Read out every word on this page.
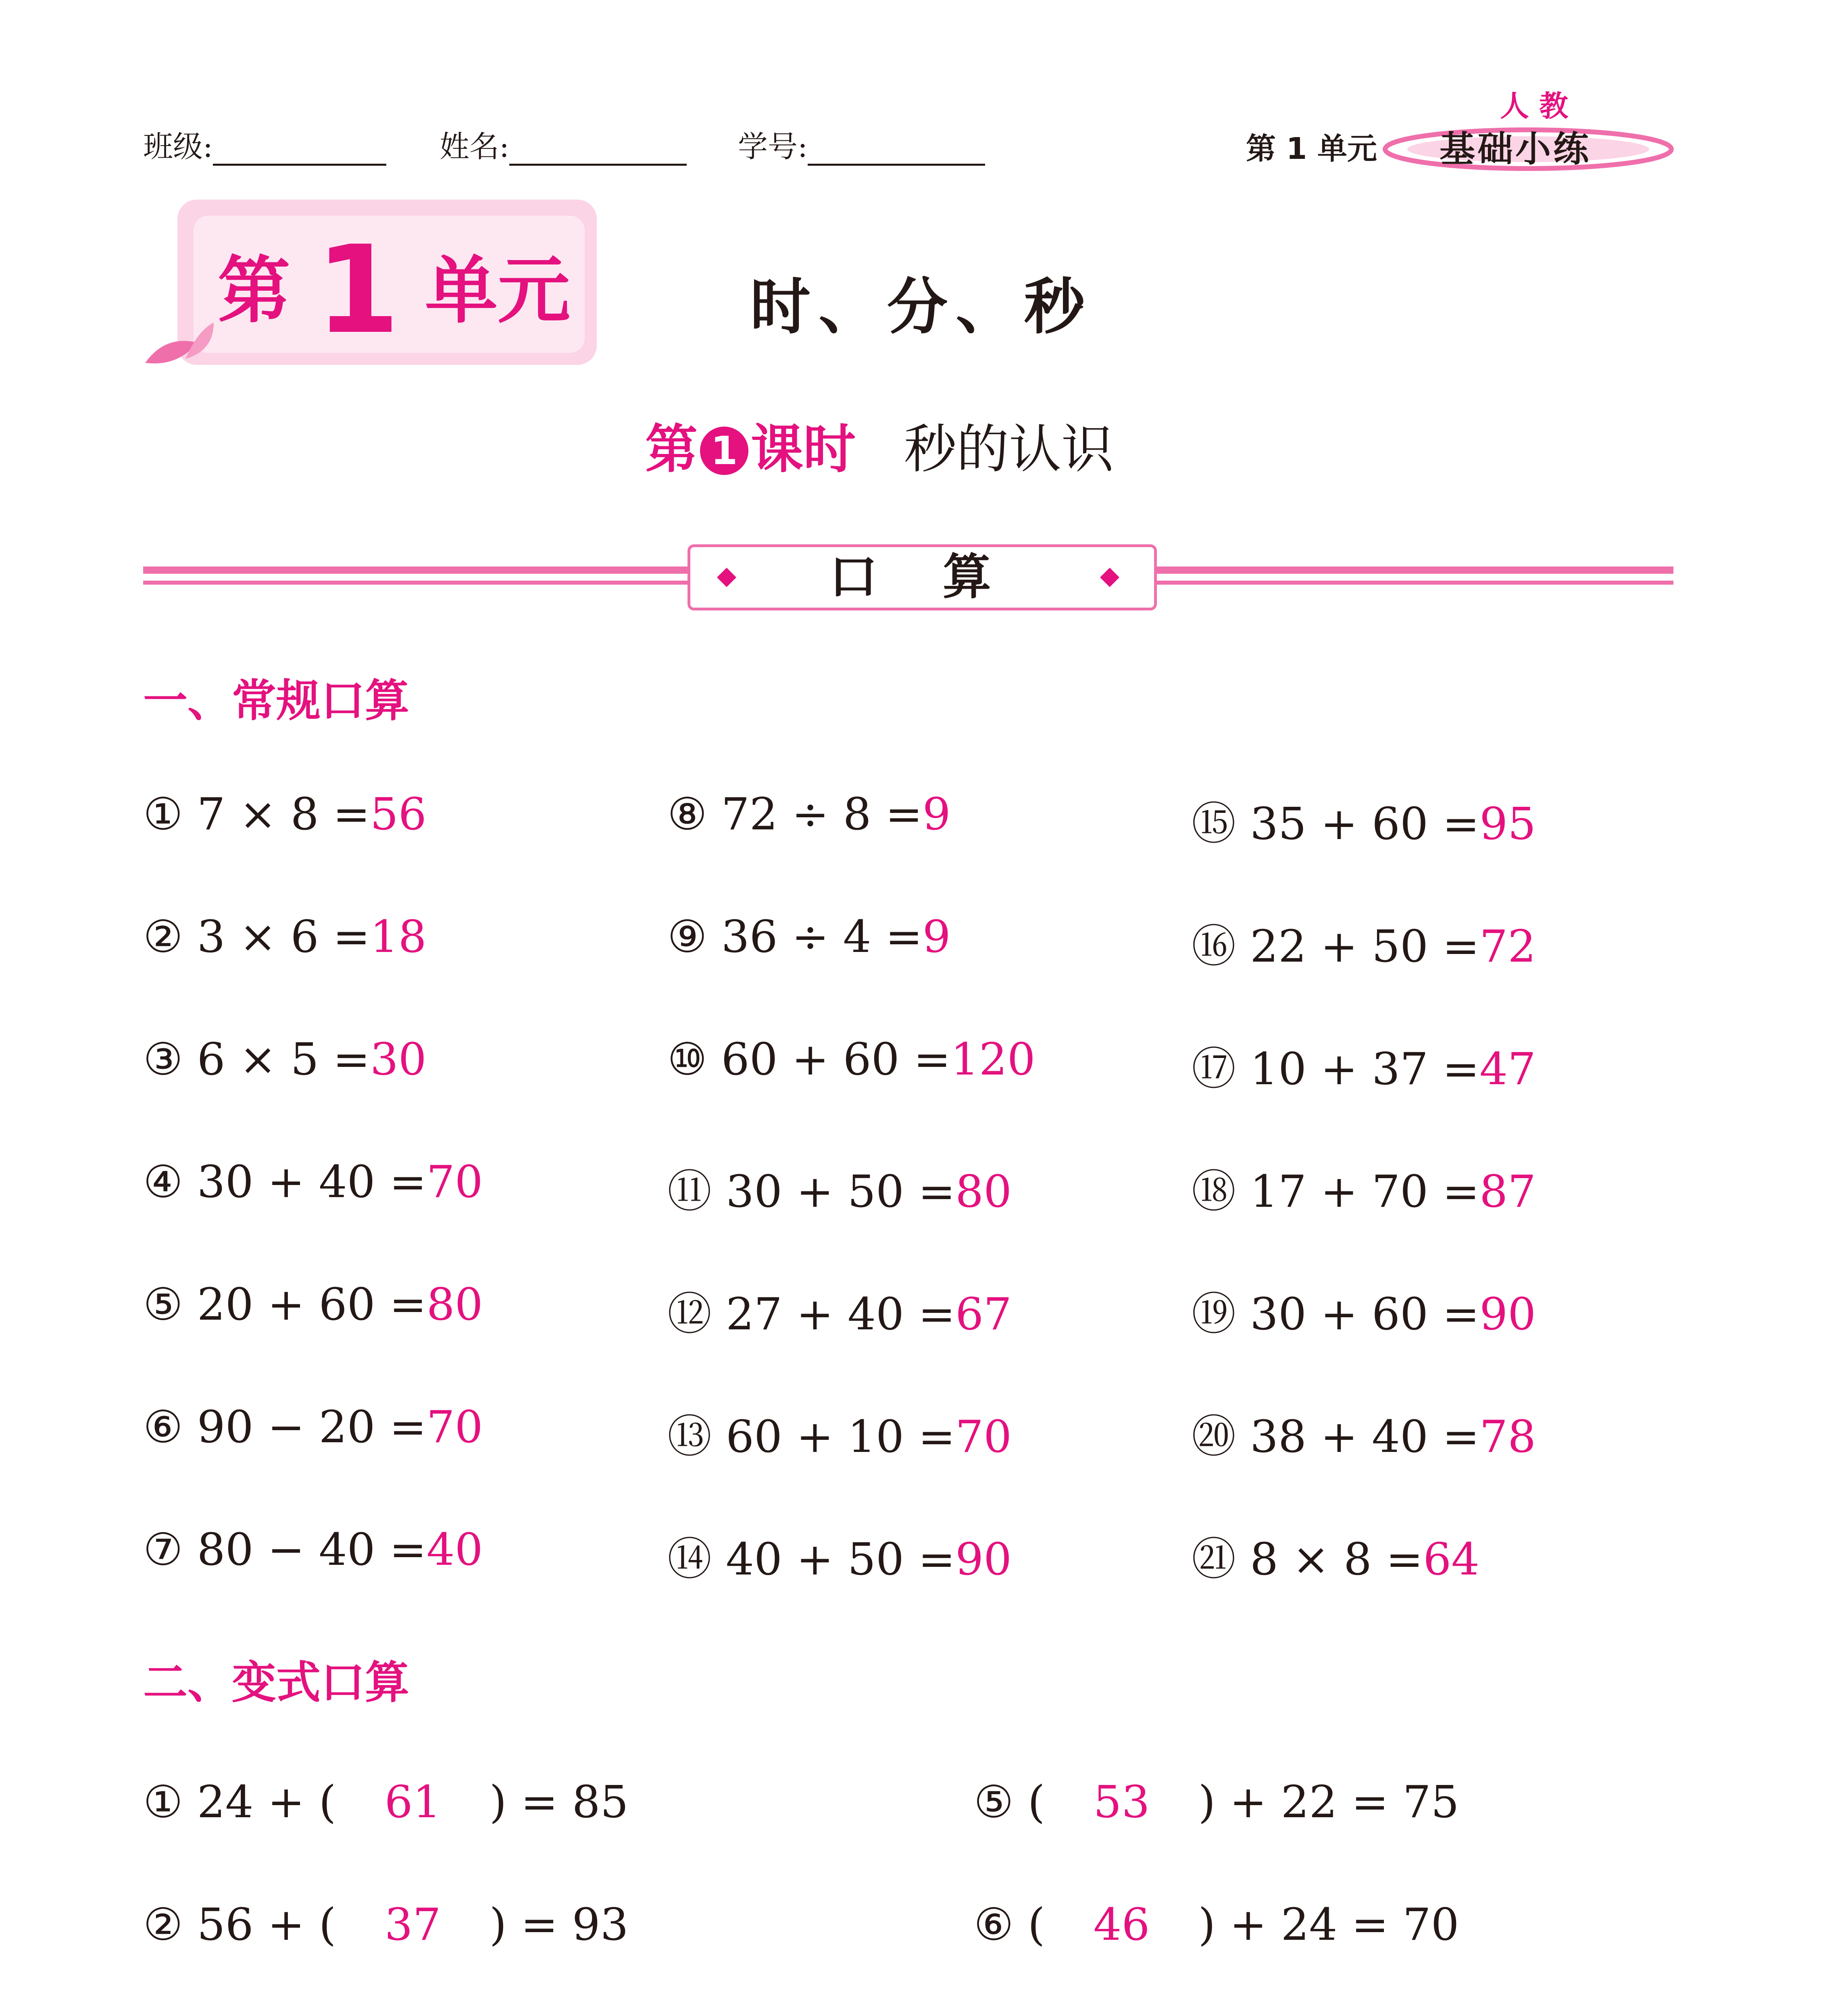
班级:	姓名:	学号:	第 1 单元
人 教
基础小练
第 1 单元	时、分、秒
第 1 课时 秒的认识
口 算
一、常规口算
① 7 × 8 =56
② 3 × 6 =18
③ 6 × 5 =30
④ 30 + 40 =70
⑤ 20 + 60 =80
⑥ 90 − 20 =70
⑦ 80 − 40 =40
⑧ 72 ÷ 8 =9
⑨ 36 ÷ 4 =9
⑩ 60 + 60 =120
⑪ 30 + 50 =80
⑫ 27 + 40 =67
⑬ 60 + 10 =70
⑭ 40 + 50 =90
⑮ 35 + 60 =95
⑯ 22 + 50 =72
⑰ 10 + 37 =47
⑱ 17 + 70 =87
⑲ 30 + 60 =90
⑳ 38 + 40 =78
㉑ 8 × 8 =64
二、变式口算
① 24 + ( 61 ) = 85
② 56 + ( 37 ) = 93
⑤ ( 53 ) + 22 = 75
⑥ ( 46 ) + 24 = 70
